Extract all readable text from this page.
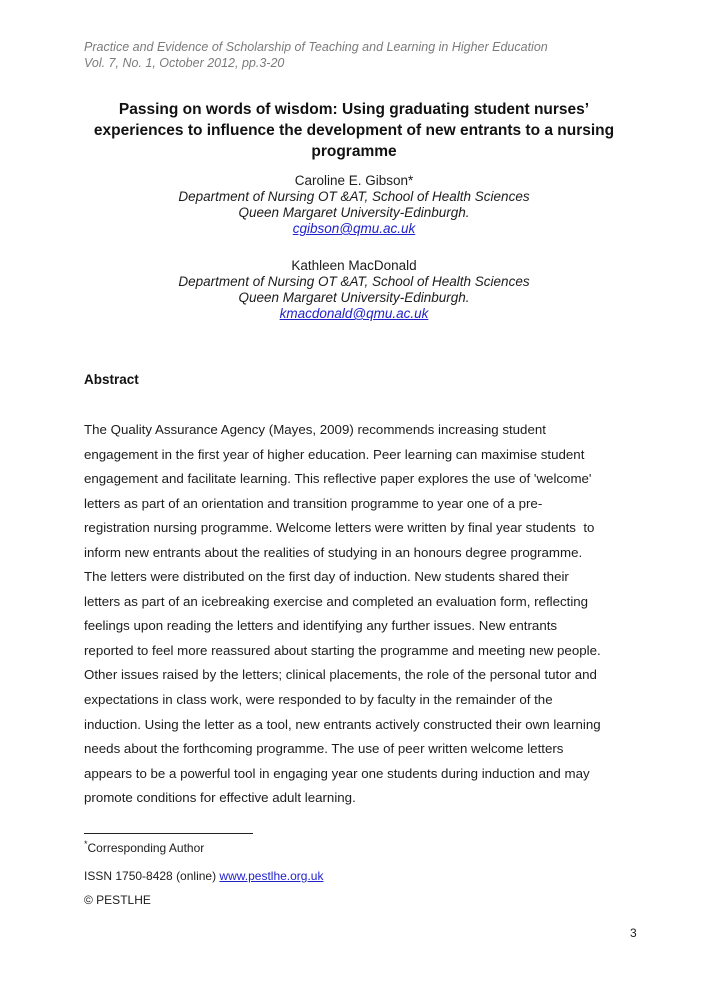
Practice and Evidence of Scholarship of Teaching and Learning in Higher Education
Vol. 7, No. 1, October 2012, pp.3-20
Passing on words of wisdom: Using graduating student nurses’ experiences to influence the development of new entrants to a nursing programme
Caroline E. Gibson*
Department of Nursing OT &AT, School of Health Sciences
Queen Margaret University-Edinburgh.
cgibson@qmu.ac.uk
Kathleen MacDonald
Department of Nursing OT &AT, School of Health Sciences
Queen Margaret University-Edinburgh.
kmacdonald@qmu.ac.uk
Abstract
The Quality Assurance Agency (Mayes, 2009) recommends increasing student
engagement in the first year of higher education. Peer learning can maximise student
engagement and facilitate learning. This reflective paper explores the use of 'welcome'
letters as part of an orientation and transition programme to year one of a pre-
registration nursing programme. Welcome letters were written by final year students  to
inform new entrants about the realities of studying in an honours degree programme.
The letters were distributed on the first day of induction. New students shared their
letters as part of an icebreaking exercise and completed an evaluation form, reflecting
feelings upon reading the letters and identifying any further issues. New entrants
reported to feel more reassured about starting the programme and meeting new people.
Other issues raised by the letters; clinical placements, the role of the personal tutor and
expectations in class work, were responded to by faculty in the remainder of the
induction. Using the letter as a tool, new entrants actively constructed their own learning
needs about the forthcoming programme. The use of peer written welcome letters
appears to be a powerful tool in engaging year one students during induction and may
promote conditions for effective adult learning.
*Corresponding Author
ISSN 1750-8428 (online) www.pestlhe.org.uk
© PESTLHE
3
